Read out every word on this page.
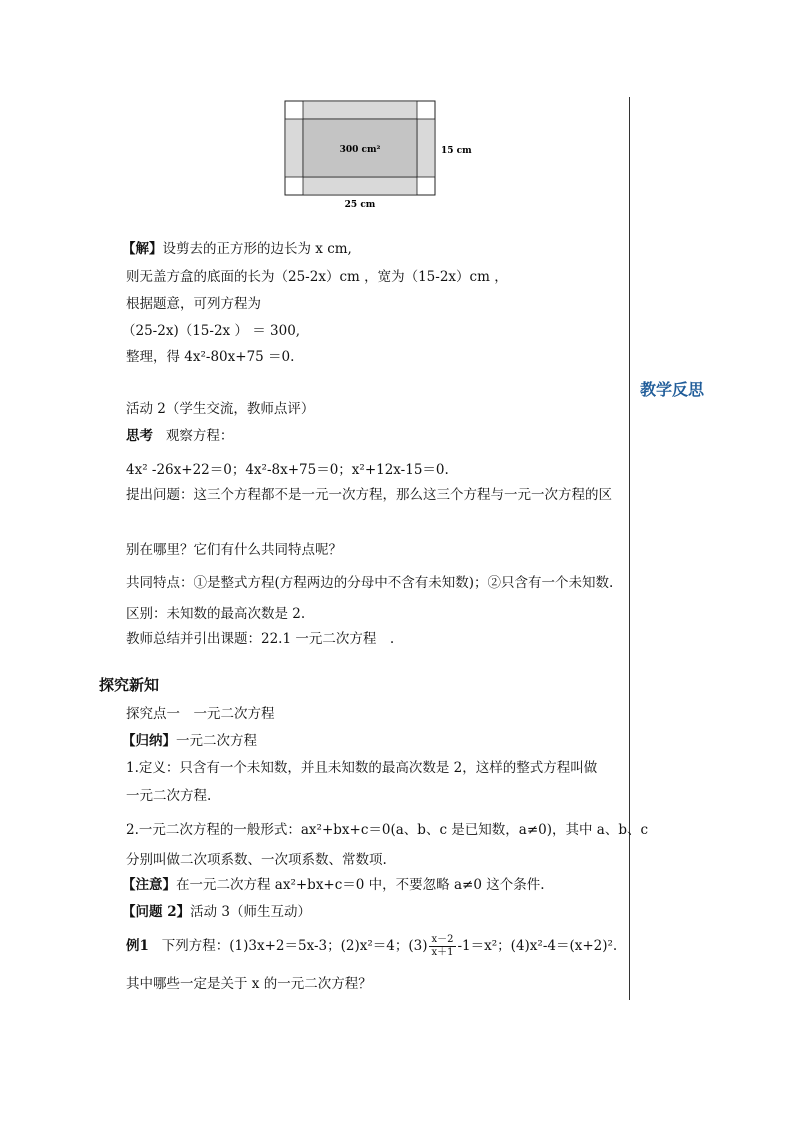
300 cm²	15 cm
25 cm
教学反思
【解】设剪去的正方形的边长为 x cm,
则无盖方盒的底面的长为（25-2x）cm ，宽为（15-2x）cm ，
根据题意，可列方程为
（25-2x)（15-2x ） ＝ 300,
整理，得 4x²-80x+75 ＝0.
活动 2（学生交流，教师点评）
思考 观察方程：
4x² -26x+22＝0；4x²-8x+75＝0；x²+12x-15＝0.
提出问题：这三个方程都不是一元一次方程，那么这三个方程与一元一次方程的区
别在哪里？它们有什么共同特点呢？
共同特点：①是整式方程(方程两边的分母中不含有未知数)；②只含有一个未知数.
区别：未知数的最高次数是 2.
教师总结并引出课题：22.1 一元二次方程　.
探究新知
探究点一　一元二次方程
【归纳】一元二次方程
1.定义：只含有一个未知数，并且未知数的最高次数是 2，这样的整式方程叫做
一元二次方程.
2.一元二次方程的一般形式：ax²+bx+c＝0(a、b、c 是已知数，a≠0)，其中 a、b、c
分别叫做二次项系数、一次项系数、常数项.
【注意】在一元二次方程 ax²+bx+c＝0 中，不要忽略 a≠0 这个条件.
【问题 2】活动 3（师生互动）
例1 下列方程：(1)3x+2＝5x-3；(2)x²＝4；$(3) \frac{x-2}{x+1} -1=x^2$；(4)x²-4＝(x+2)².
其中哪些一定是关于 x 的一元二次方程？
